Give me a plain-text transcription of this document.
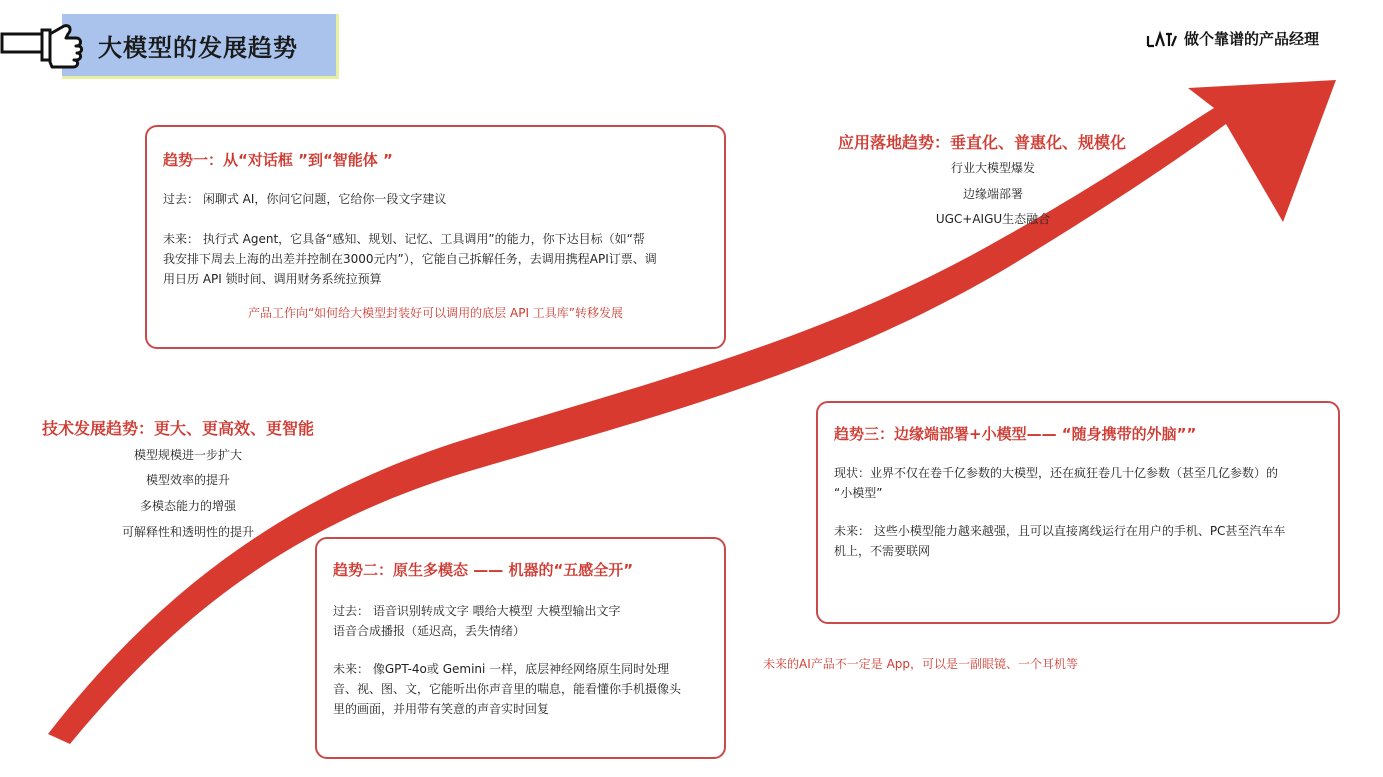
大模型的发展趋势	做个靠谱的产品经理
趋势一：从“对话框 ”到“智能体 ”

过去： 闲聊式 AI，你问它问题，它给你一段文字建议

未来： 执行式 Agent，它具备“感知、规划、记忆、工具调用”的能力，你下达目标（如“帮

我安排下周去上海的出差并控制在3000元内”），它能自己拆解任务，去调用携程API订票、调

用日历 API 锁时间、调用财务系统拉预算

产品工作向“如何给大模型封装好可以调用的底层 API 工具库”转移发展
技术发展趋势：更大、更高效、更智能
模型规模进一步扩大
模型效率的提升
多模态能力的增强
可解释性和透明性的提升
趋势二：原生多模态 —— 机器的“五感全开”

过去： 语音识别转成文字 喂给大模型 大模型输出文字

语音合成播报（延迟高，丢失情绪）

未来： 像GPT-4o或 Gemini 一样，底层神经网络原生同时处理

音、视、图、文，它能听出你声音里的喘息，能看懂你手机摄像头

里的画面，并用带有笑意的声音实时回复

应用落地趋势：垂直化、普惠化、规模化
行业大模型爆发
边缘端部署
UGC+AIGU生态融合
趋势三：边缘端部署+小模型—— “随身携带的外脑””

现状：业界不仅在卷千亿参数的大模型，还在疯狂卷几十亿参数（甚至几亿参数）的

“小模型”

未来： 这些小模型能力越来越强，且可以直接离线运行在用户的手机、PC甚至汽车车

机上，不需要联网

未来的AI产品不一定是 App，可以是一副眼镜、一个耳机等
